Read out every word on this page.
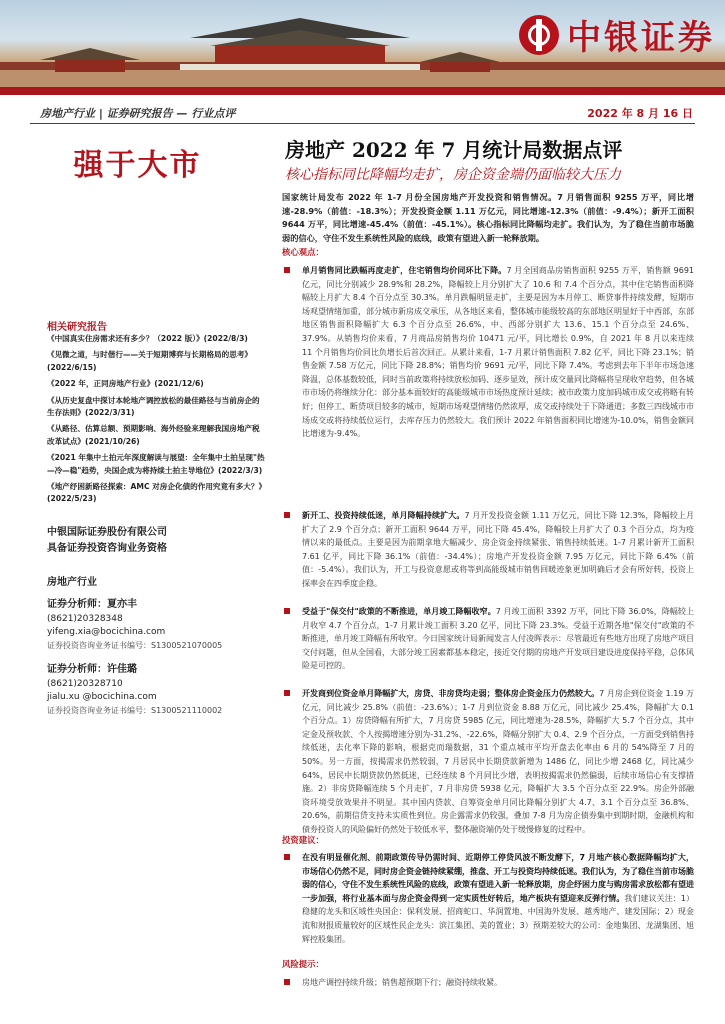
中银证券
房地产行业 | 证券研究报告 — 行业点评	2022 年 8 月 16 日
强于大市
相关研究报告
《中国真实住房需求还有多少？（2022 版）》(2022/8/3)
《见微之道，与时偕行——关于短期博弈与长期格局的思考》(2022/6/15)
《2022 年，正同房地产行业》(2021/12/6)
《从历史复盘中探讨本轮地产调控放松的最佳路径与当前房企的生存法则》(2022/3/31)
《从路径、估算总额、预期影响、海外经验来理解我国房地产税改革试点》(2021/10/26)
《2021 年集中土拍元年深度解读与展望：全年集中土拍呈现"热—冷—稳"趋势，央国企成为将持续土拍主导地位》(2022/3/3)
《地产纾困新路径探索：AMC 对房企化债的作用究竟有多大？》(2022/5/23)
中银国际证券股份有限公司
具备证券投资咨询业务资格
房地产行业
证券分析师：夏亦丰
(8621)20328348
yifeng.xia@bocichina.com
证券投资咨询业务证书编号：S1300521070005
证券分析师：许佳璐
(8621)20328710
jialu.xu @bocichina.com
证券投资咨询业务证书编号：S1300521110002
房地产 2022 年 7 月统计局数据点评
核心指标同比降幅均走扩，房企资金端仍面临较大压力
国家统计局发布 2022 年 1-7 月份全国房地产开发投资和销售情况。7 月销售面积 9255 万平，同比增速-28.9%（前值：-18.3%）；开发投资金额 1.11 万亿元，同比增速-12.3%（前值：-9.4%）；新开工面积 9644 万平，同比增速-45.4%（前值：-45.1%）。核心指标同比降幅均走扩。我们认为，为了稳住当前市场脆弱的信心，守住不发生系统性风险的底线，政策有望进入新一轮释放期。
核心观点：
单月销售同比跌幅再度走扩，住宅销售均价同环比下降。7 月全国商品房销售面积 9255 万平，销售额 9691 亿元，同比分别减少 28.9%和 28.2%，降幅较上月分别扩大了 10.6 和 7.4 个百分点，其中住宅销售面积降幅较上月扩大 8.4 个百分点至 30.3%。单月跌幅明显走扩，主要是因为本月停工、断贷事件持续发酵，短期市场观望情绪加重，部分城市新房成交承压，从各地区来看，整体城市能级较高的东部地区明显好于中西部，东部地区销售面积降幅扩大 6.3 个百分点至 26.6%，中、西部分别扩大 13.6、15.1 个百分点至 24.6%、37.9%。从销售均价来看，7 月商品房销售均价 10471 元/平，同比增长 0.9%，自 2021 年 8 月以来连续 11 个月销售均价同比负增长后首次回正。从累计来看，1-7 月累计销售面积 7.82 亿平，同比下降 23.1%；销售金额 7.58 万亿元，同比下降 28.8%；销售均价 9691 元/平，同比下降 7.4%。考虑到去年下半年市场急速降温，总体基数较低，同时当前政策将持续放松加码、逐步显效，预计成交量同比降幅将呈现收窄趋势，但各城市市场仍将继续分化：部分基本面较好的高能级城市市场热度预计延续；被市政策力度加码城市成交或将略有转好；但停工、断贷项目较多的城市，短期市场观望情绪仍然浓厚，成交或持续处于下降通道；多数三四线城市市场成交或将持续低位运行，去库存压力仍然较大。我们预计 2022 年销售面积同比增速为-10.0%，销售金额同比增速为-9.4%。
新开工、投资持续低迷，单月降幅持续扩大。7 月开发投资金额 1.11 万亿元，同比下降 12.3%，降幅较上月扩大了 2.9 个百分点；新开工面积 9644 万平，同比下降 45.4%，降幅较上月扩大了 0.3 个百分点，均为疫情以来的最低点。主要是因为前期拿地大幅减少、房企资金持续紧张、销售持续低迷。1-7 月累计新开工面积 7.61 亿平，同比下降 36.1%（前值：-34.4%）；房地产开发投资金额 7.95 万亿元，同比下降 6.4%（前值：-5.4%）。我们认为，开工与投资意愿或将等到高能级城市销售回暖迹象更加明确后才会有所好转，投资上探率会在四季度企稳。
受益于"保交付"政策的不断推进，单月竣工降幅收窄。7 月竣工面积 3392 万平，同比下降 36.0%，降幅较上月收窄 4.7 个百分点，1-7 月累计竣工面积 3.20 亿平，同比下降 23.3%。受益于近期各地"保交付"政策的不断推进，单月竣工降幅有所收窄。今日国家统计局新闻发言人付凌晖表示：尽管最近有些地方出现了房地产项目交付问题，但从全国看，大部分竣工因素都基本稳定，接近交付期的房地产开发项目建设进度保持平稳，总体风险是可控的。
开发商到位资金单月降幅扩大，房贷、非房贷均走弱；整体房企资金压力仍然较大。7 月房企到位资金 1.19 万亿元，同比减少 25.8%（前值：-23.6%）；1-7 月到位资金 8.88 万亿元，同比减少 25.4%，降幅扩大 0.1 个百分点。1）房贷降幅有所扩大，7 月房贷 5985 亿元，同比增速为-28.5%，降幅扩大 5.7 个百分点，其中定金及预收款、个人按揭增速分别为-31.2%、-22.6%，降幅分别扩大 0.4、2.9 个百分点，一方面受到销售持续低迷，去化率下降的影响，根据克而瑞数据，31 个重点城市平均开盘去化率由 6 月的 54%降至 7 月的 50%。另一方面，按揭需求仍然较弱，7 月居民中长期贷款新增为 1486 亿，同比少增 2468 亿，同比减少 64%，居民中长期贷款仍然低迷，已经连续 8 个月同比少增，表明按揭需求仍然偏弱，后续市场信心有支撑措施。2）非房贷降幅连续 5 个月走扩，7 月非房贷 5938 亿元，降幅扩大 3.5 个百分点至 22.9%。房企外部融资环境受放效果并不明显。其中国内贷款、自筹资金单月同比降幅分别扩大 4.7、3.1 个百分点至 36.8%、20.6%，前期信贷支持未实质性到位。房企露需求仍较强，叠加 7-8 月为房企债券集中到期时期，金融机构和债券投资人的风险偏好仍然处于较低水平，整体融资端仍处于缓慢修复的过程中。
投资建议：
在没有明显催化剂、前期政策传导仍需时间、近期停工停贷风波不断发酵下，7 月地产核心数据降幅均扩大，市场信心仍然不足，同时房企资金链持续紧绷，推盘、开工与投资均持续低迷。我们认为，为了稳住当前市场脆弱的信心，守住不发生系统性风险的底线，政策有望进入新一轮释放期，房企纾困力度与购房需求放松都有望进一步加强，将行业基本面与房企资金得到一定实质性好转后，地产板块有望迎来反弹行情。我们建议关注：1）稳健的龙头和区域性央国企：保利发展、招商蛇口、华润置地、中国海外发展、越秀地产、建发国际；2）现金流和财报质量较好的区域性民企龙头：滨江集团、美的置业；3）预期差较大的公司：金地集团、龙湖集团、旭辉控股集团。
风险提示：
房地产调控持续升级；销售超预期下行；融资持续收紧。
